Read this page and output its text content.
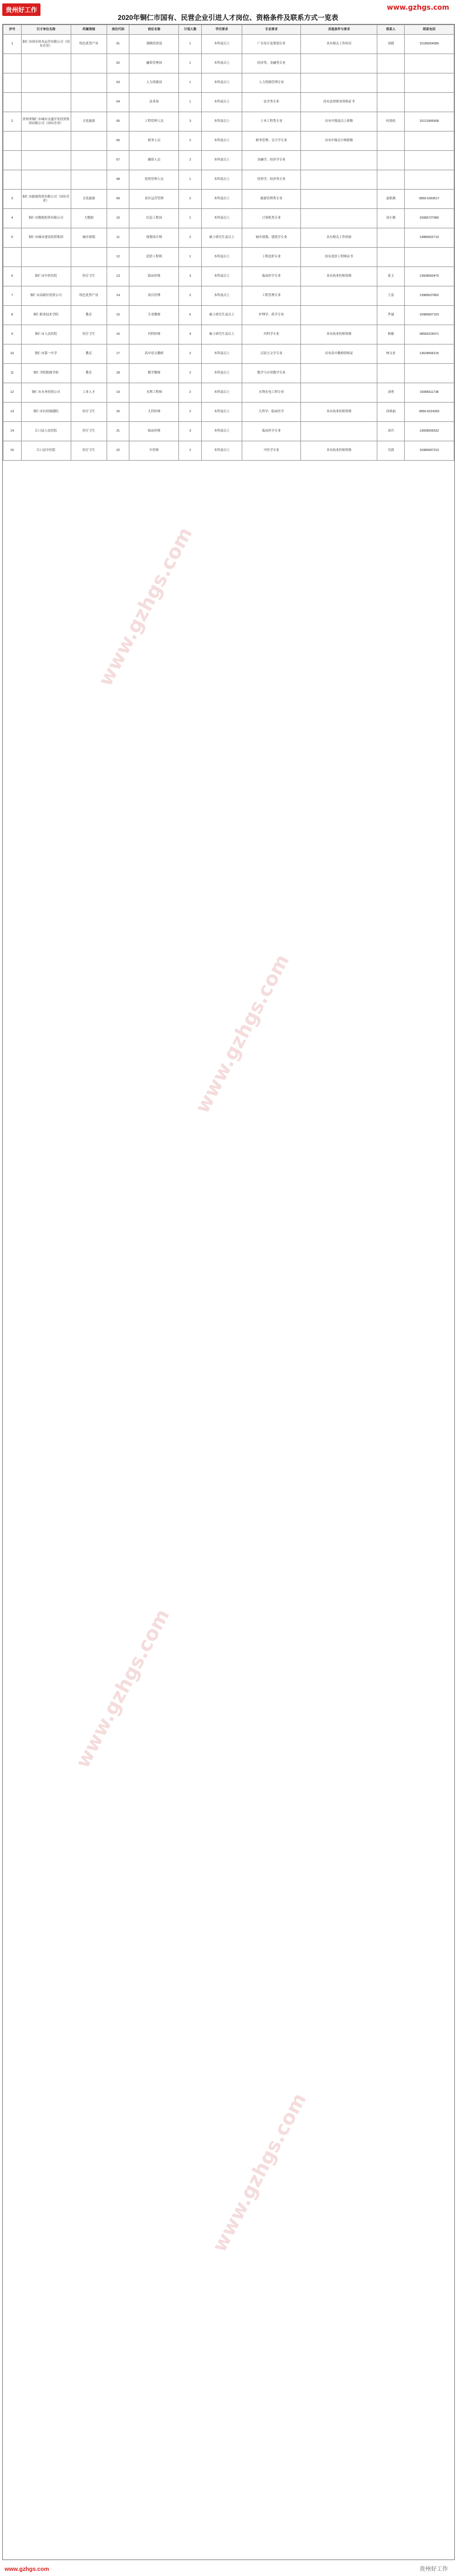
贵州好工作	www.gzhgs.com
2020年铜仁市国有、民营企业引进人才岗位、资格条件及联系方式一览表
序号	引才单位名称	所属领域	岗位代码	岗位名称	计划人数	学历要求	专业要求	其他条件与要求	联系人	联系电话
1	铜仁市国有资本运营有限公司（国有企业）	特色优势产业	01	战略投资部	1	本科及以上	广告设计及策划专业	具有相关工作经历	刘捷	15185054089
			02	融资管理岗	1	本科及以上	经济类、金融类专业			
			03	人力资源岗	1	本科及以上	人力资源管理专业			
			04	法务岗	1	本科及以上	法学类专业	持有法律职业资格证书		
2	贵州省铜仁市城市交通开发投资集团有限公司（国有企业）	文化旅游	05	工程管理人员	3	本科及以上	土木工程类专业	具有中级及以上职称	何劲松	15121895908
			06	财务人员	2	本科及以上	财务管理、会计学专业	具有中级会计师职称		
			07	融资人员	2	本科及以上	金融学、经济学专业			
			08	投资管理人员	1	本科及以上	投资学、经济类专业			
3	铜仁市旅游投资有限公司（国有企业）	文化旅游	09	景区运营管理	2	本科及以上	旅游管理类专业		赵柏燕	0856-5269517
4	铜仁市数据投资有限公司	大数据	10	信息工程岗	1	本科及以上	计算机类专业		周小敏	15085727080
5	铜仁市城市建设投资集团	城乡规划	11	规划设计师	2	硕士研究生及以上	城乡规划、建筑学专业	具有相关工作经验		13885652710
			12	造价工程师	1	本科及以上	工程造价专业	持有造价工程师证书		
6	铜仁市中医医院	医疗卫生	13	临床医师	3	本科及以上	临床医学专业	具有执业医师资格	张玉	13608560475
7	铜仁市高新区投资公司	特色优势产业	14	项目管理	2	本科及以上	工程管理专业		王雷	13985637892
8	铜仁职业技术学院	教育	15	专业教师	6	硕士研究生及以上	护理学、药学专业		罗诚	15985667103
9	铜仁市人民医院	医疗卫生	16	内科医师	4	硕士研究生及以上	内科学专业	具有执业医师资格	杨敏	08565224071
10	铜仁市第一中学	教育	17	高中语文教师	2	本科及以上	汉语言文学专业	具有高中教师资格证	林文亚	13628566215
11	铜仁学院附属学校	教育	18	数学教师	2	本科及以上	数学与应用数学专业			
12	铜仁市水务投资公司	工业人才	19	水利工程师	2	本科及以上	水利水电工程专业		刘勇	15085611738
13	铜仁市妇幼保健院	医疗卫生	20	儿科医师	2	本科及以上	儿科学、临床医学	具有执业医师资格	孙莉丽	0856-5224350
14	江口县人民医院	医疗卫生	21	临床医师	3	本科及以上	临床医学专业		刘兵	13658565532
15	江口县中医院	医疗卫生	22	中医师	2	本科及以上	中医学专业	具有执业医师资格	吴海	15985687310
www.gzhgs.com
www.gzhgs.com
www.gzhgs.com
www.gzhgs.com
www.gzhgs.com	贵州好工作
